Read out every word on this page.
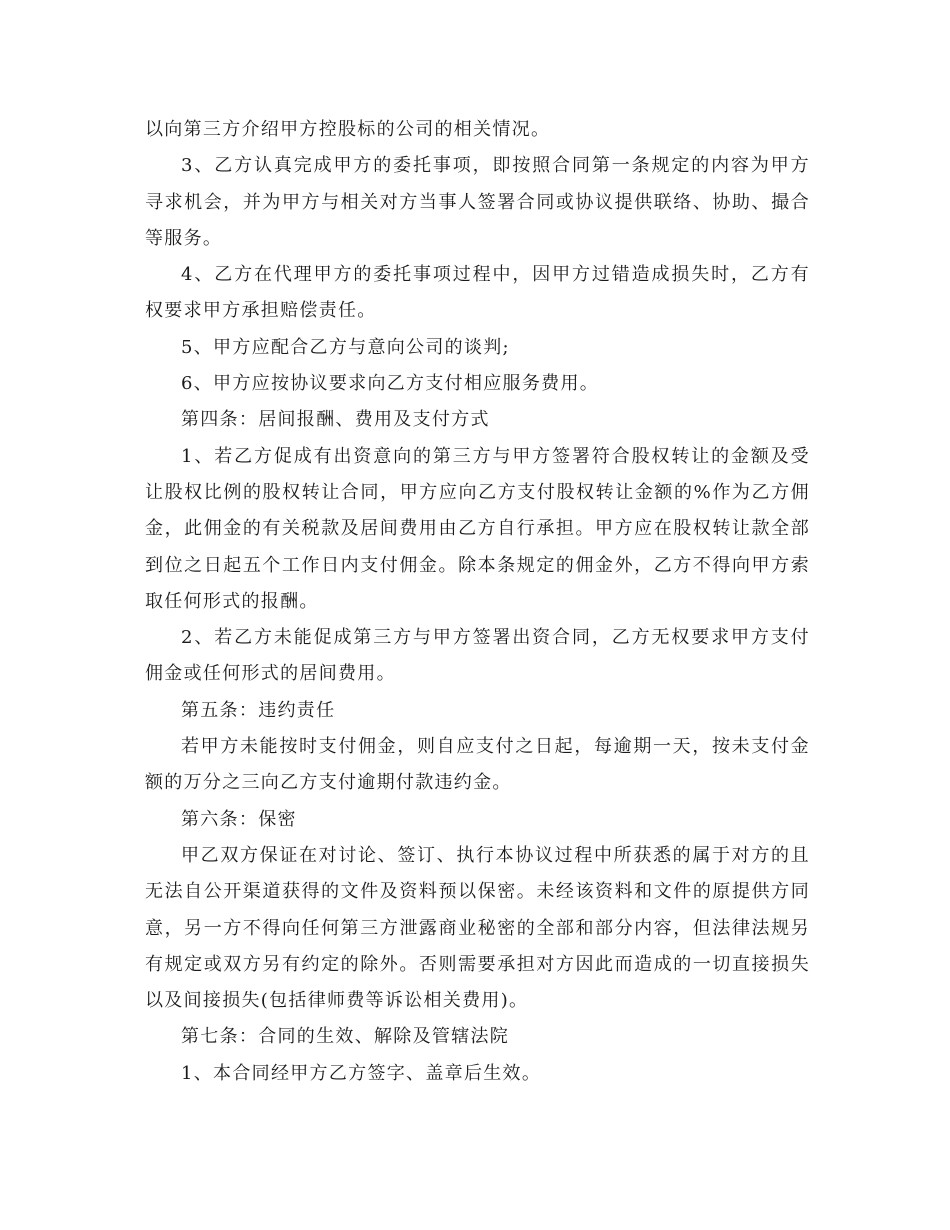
以向第三方介绍甲方控股标的公司的相关情况。

3、乙方认真完成甲方的委托事项，即按照合同第一条规定的内容为甲方寻求机会，并为甲方与相关对方当事人签署合同或协议提供联络、协助、撮合等服务。

4、乙方在代理甲方的委托事项过程中，因甲方过错造成损失时，乙方有权要求甲方承担赔偿责任。

5、甲方应配合乙方与意向公司的谈判;

6、甲方应按协议要求向乙方支付相应服务费用。

第四条：居间报酬、费用及支付方式

1、若乙方促成有出资意向的第三方与甲方签署符合股权转让的金额及受让股权比例的股权转让合同，甲方应向乙方支付股权转让金额的%作为乙方佣金，此佣金的有关税款及居间费用由乙方自行承担。甲方应在股权转让款全部到位之日起五个工作日内支付佣金。除本条规定的佣金外，乙方不得向甲方索取任何形式的报酬。

2、若乙方未能促成第三方与甲方签署出资合同，乙方无权要求甲方支付佣金或任何形式的居间费用。

第五条：违约责任

若甲方未能按时支付佣金，则自应支付之日起，每逾期一天，按未支付金额的万分之三向乙方支付逾期付款违约金。

第六条：保密

甲乙双方保证在对讨论、签订、执行本协议过程中所获悉的属于对方的且无法自公开渠道获得的文件及资料预以保密。未经该资料和文件的原提供方同意，另一方不得向任何第三方泄露商业秘密的全部和部分内容，但法律法规另有规定或双方另有约定的除外。否则需要承担对方因此而造成的一切直接损失以及间接损失(包括律师费等诉讼相关费用)。

第七条：合同的生效、解除及管辖法院

1、本合同经甲方乙方签字、盖章后生效。
